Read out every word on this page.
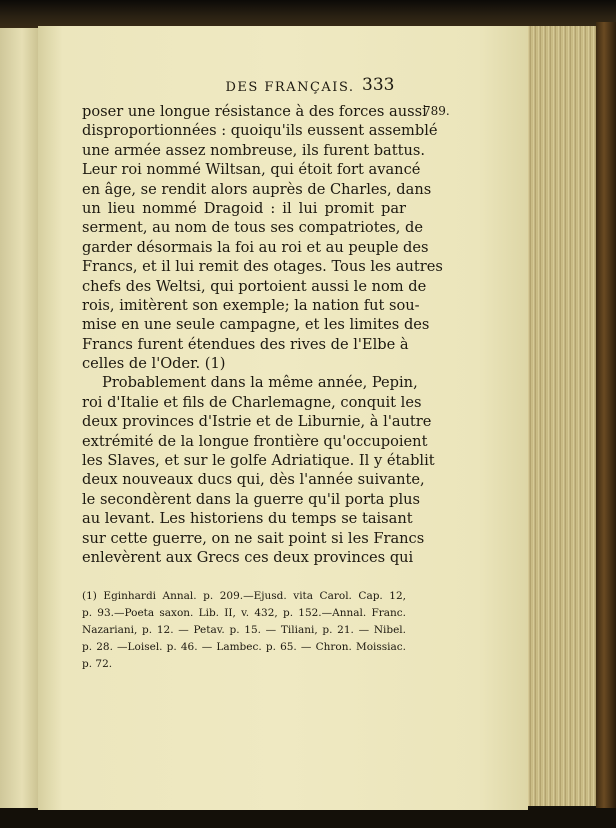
DES FRANÇAIS. 333
789.
poser une longue résistance à des forces aussi
disproportionnées : quoiqu'ils eussent assemblé
une armée assez nombreuse, ils furent battus.
Leur roi nommé Wiltsan, qui étoit fort avancé
en âge, se rendit alors auprès de Charles, dans
un lieu nommé Dragoid : il lui promit par
serment, au nom de tous ses compatriotes, de
garder désormais la foi au roi et au peuple des
Francs, et il lui remit des otages. Tous les autres
chefs des Weltsi, qui portoient aussi le nom de
rois, imitèrent son exemple; la nation fut sou-
mise en une seule campagne, et les limites des
Francs furent étendues des rives de l'Elbe à
celles de l'Oder. (1)
Probablement dans la même année, Pepin,
roi d'Italie et fils de Charlemagne, conquit les
deux provinces d'Istrie et de Liburnie, à l'autre
extrémité de la longue frontière qu'occupoient
les Slaves, et sur le golfe Adriatique. Il y établit
deux nouveaux ducs qui, dès l'année suivante,
le secondèrent dans la guerre qu'il porta plus
au levant. Les historiens du temps se taisant
sur cette guerre, on ne sait point si les Francs
enlevèrent aux Grecs ces deux provinces qui
(1) Eginhardi Annal. p. 209.—Ejusd. vita Carol. Cap. 12,
p. 93.—Poeta saxon. Lib. II, v. 432, p. 152.—Annal. Franc.
Nazariani, p. 12. — Petav. p. 15. — Tiliani, p. 21. — Nibel.
p. 28. —Loisel. p. 46. — Lambec. p. 65. — Chron. Moissiac.
p. 72.
